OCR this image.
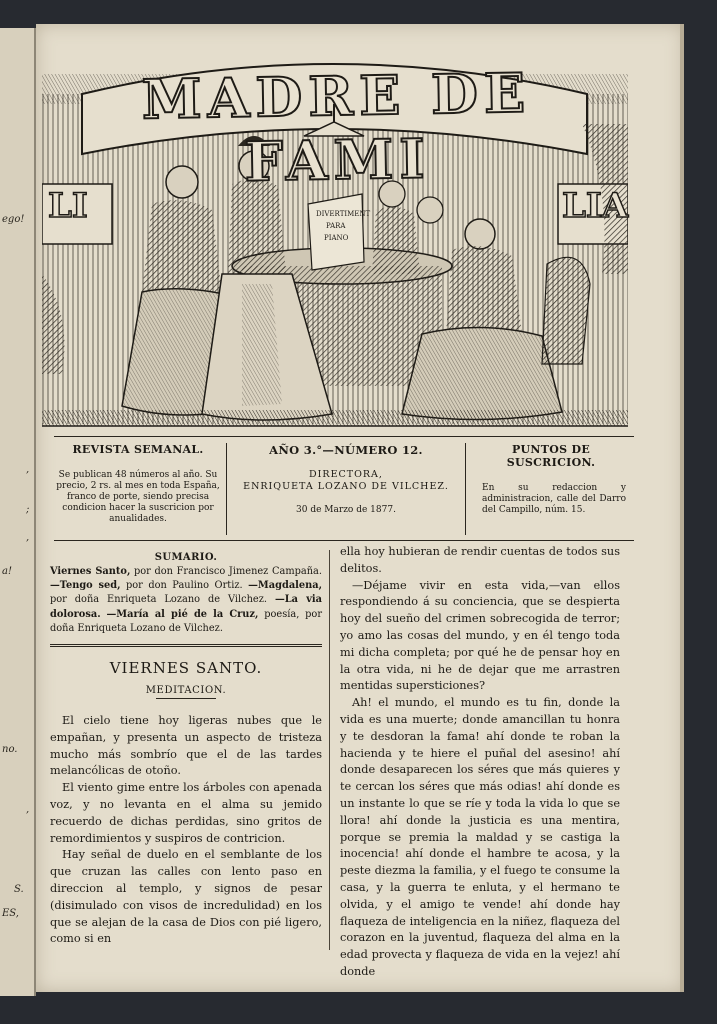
ego!
,
;
,
a!
no.
,
S.
ES,
DIVERTIMENT
PARA
PIANO
MADRE DE FAMI
LI	LIA
REVISTA SEMANAL.

Se publican 48 números al año. Su precio, 2 rs. al mes en toda España, franco de porte, siendo precisa condicion hacer la suscricion por anualidades.

AÑO 3.°—NÚMERO 12.

DIRECTORA,

ENRIQUETA LOZANO DE VILCHEZ.

30 de Marzo de 1877.

PUNTOS DE SUSCRICION.

En su redaccion y administracion, calle del Darro del Campillo, núm. 15.

SUMARIO.

Viernes Santo, por don Francisco Jimenez Campaña. —Tengo sed, por don Paulino Ortiz. —Magdalena, por doña Enriqueta Lozano de Vilchez. —La via dolorosa. —María al pié de la Cruz, poesía, por doña Enriqueta Lozano de Vilchez.

VIERNES SANTO.
MEDITACION.

El cielo tiene hoy ligeras nubes que le empañan, y presenta un aspecto de tristeza mucho más sombrío que el de las tardes melancólicas de otoño.

El viento gime entre los árboles con apenada voz, y no levanta en el alma su jemido recuerdo de dichas perdidas, sino gritos de remordimientos y suspiros de contricion.

Hay señal de duelo en el semblante de los que cruzan las calles con lento paso en direccion al templo, y signos de pesar (disimulado con visos de incredulidad) en los que se alejan de la casa de Dios con pié ligero, como si en

ella hoy hubieran de rendir cuentas de todos sus delitos.

—Déjame vivir en esta vida,—van ellos respondiendo á su conciencia, que se despierta hoy del sueño del crimen sobrecogida de terror; yo amo las cosas del mundo, y en él tengo toda mi dicha completa; por qué he de pensar hoy en la otra vida, ni he de dejar que me arrastren mentidas supersticiones?

Ah! el mundo, el mundo es tu fin, donde la vida es una muerte; donde amancillan tu honra y te desdoran la fama! ahí donde te roban la hacienda y te hiere el puñal del asesino! ahí donde desaparecen los séres que más quieres y te cercan los séres que más odias! ahí donde es un instante lo que se ríe y toda la vida lo que se llora! ahí donde la justicia es una mentira, porque se premia la maldad y se castiga la inocencia! ahí donde el hambre te acosa, y la peste diezma la familia, y el fuego te consume la casa, y la guerra te enluta, y el hermano te olvida, y el amigo te vende! ahí donde hay flaqueza de inteligencia en la niñez, flaqueza del corazon en la juventud, flaqueza del alma en la edad provecta y flaqueza de vida en la vejez! ahí donde
